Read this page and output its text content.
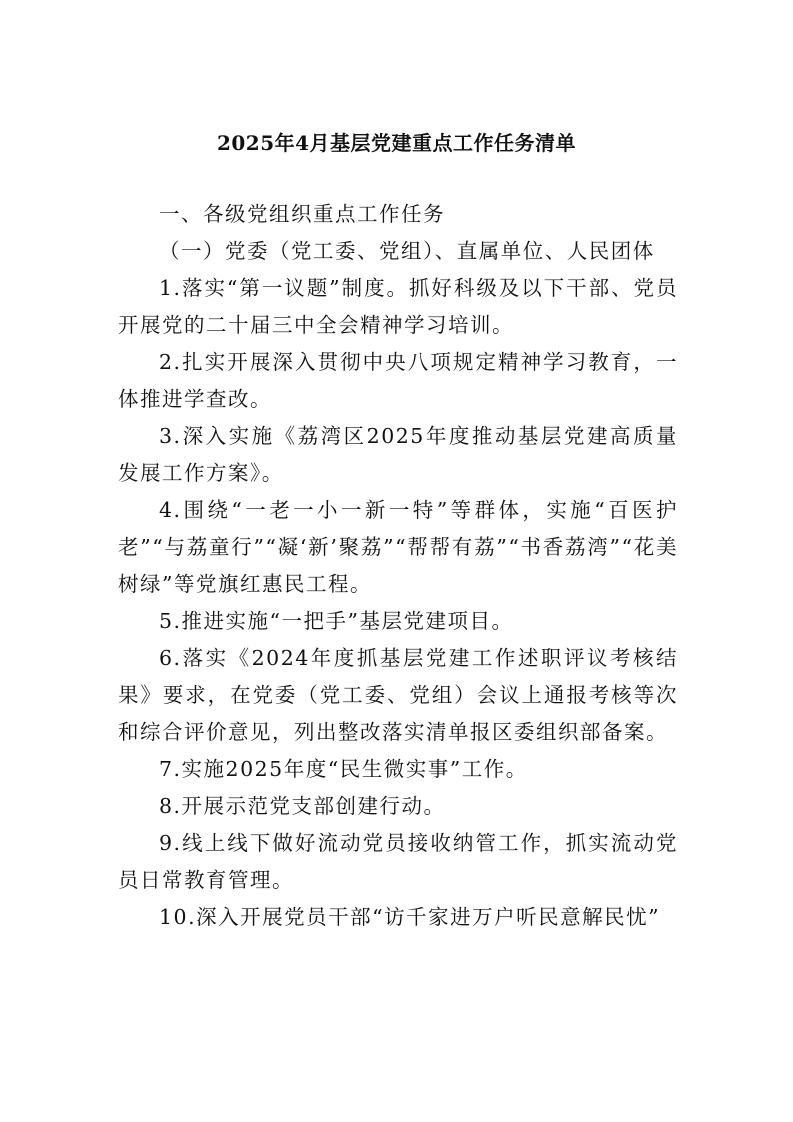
2025年4月基层党建重点工作任务清单

一、各级党组织重点工作任务

（一）党委（党工委、党组）、直属单位、人民团体

1.落实“第一议题”制度。抓好科级及以下干部、党员开展党的二十届三中全会精神学习培训。

2.扎实开展深入贯彻中央八项规定精神学习教育，一体推进学查改。

3.深入实施《荔湾区2025年度推动基层党建高质量发展工作方案》。

4.围绕“一老一小一新一特”等群体，实施“百医护老”“与荔童行”“凝‘新’聚荔”“帮帮有荔”“书香荔湾”“花美树绿”等党旗红惠民工程。

5.推进实施“一把手”基层党建项目。

6.落实《2024年度抓基层党建工作述职评议考核结果》要求，在党委（党工委、党组）会议上通报考核等次和综合评价意见，列出整改落实清单报区委组织部备案。

7.实施2025年度“民生微实事”工作。

8.开展示范党支部创建行动。

9.线上线下做好流动党员接收纳管工作，抓实流动党员日常教育管理。

10.深入开展党员干部“访千家进万户听民意解民忧”
